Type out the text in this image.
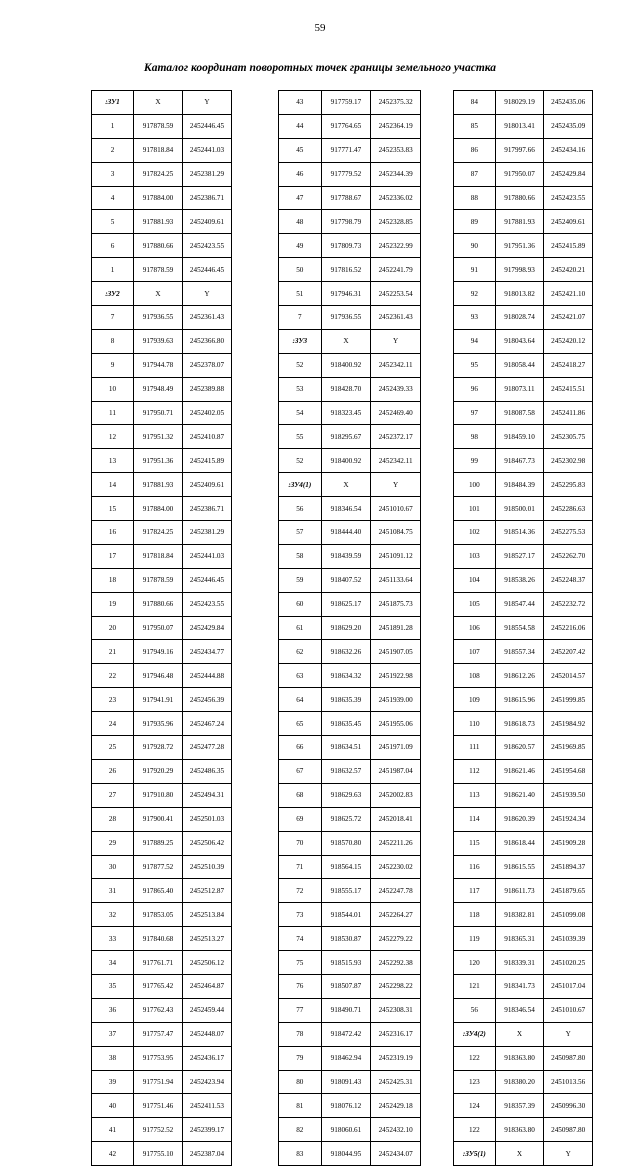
59
Каталог координат поворотных точек границы земельного участка
:ЗУ1	X	Y
1	917878.59	2452446.45
2	917818.84	2452441.03
3	917824.25	2452381.29
4	917884.00	2452386.71
5	917881.93	2452409.61
6	917880.66	2452423.55
1	917878.59	2452446.45
:ЗУ2	X	Y
7	917936.55	2452361.43
8	917939.63	2452366.80
9	917944.78	2452378.07
10	917948.49	2452389.88
11	917950.71	2452402.05
12	917951.32	2452410.87
13	917951.36	2452415.89
14	917881.93	2452409.61
15	917884.00	2452386.71
16	917824.25	2452381.29
17	917818.84	2452441.03
18	917878.59	2452446.45
19	917880.66	2452423.55
20	917950.07	2452429.84
21	917949.16	2452434.77
22	917946.48	2452444.88
23	917941.91	2452456.39
24	917935.96	2452467.24
25	917928.72	2452477.28
26	917920.29	2452486.35
27	917910.80	2452494.31
28	917900.41	2452501.03
29	917889.25	2452506.42
30	917877.52	2452510.39
31	917865.40	2452512.87
32	917853.05	2452513.84
33	917840.68	2452513.27
34	917761.71	2452506.12
35	917765.42	2452464.87
36	917762.43	2452459.44
37	917757.47	2452448.07
38	917753.95	2452436.17
39	917751.94	2452423.94
40	917751.46	2452411.53
41	917752.52	2452399.17
42	917755.10	2452387.04
43	917759.17	2452375.32
44	917764.65	2452364.19
45	917771.47	2452353.83
46	917779.52	2452344.39
47	917788.67	2452336.02
48	917798.79	2452328.85
49	917809.73	2452322.99
50	917816.52	2452241.79
51	917946.31	2452253.54
7	917936.55	2452361.43
:ЗУ3	X	Y
52	918400.92	2452342.11
53	918428.70	2452439.33
54	918323.45	2452469.40
55	918295.67	2452372.17
52	918400.92	2452342.11
:ЗУ4(1)	X	Y
56	918346.54	2451010.67
57	918444.40	2451084.75
58	918439.59	2451091.12
59	918407.52	2451133.64
60	918625.17	2451875.73
61	918629.20	2451891.28
62	918632.26	2451907.05
63	918634.32	2451922.98
64	918635.39	2451939.00
65	918635.45	2451955.06
66	918634.51	2451971.09
67	918632.57	2451987.04
68	918629.63	2452002.83
69	918625.72	2452018.41
70	918570.80	2452211.26
71	918564.15	2452230.02
72	918555.17	2452247.78
73	918544.01	2452264.27
74	918530.87	2452279.22
75	918515.93	2452292.38
76	918507.87	2452298.22
77	918490.71	2452308.31
78	918472.42	2452316.17
79	918462.94	2452319.19
80	918091.43	2452425.31
81	918076.12	2452429.18
82	918060.61	2452432.10
83	918044.95	2452434.07
84	918029.19	2452435.06
85	918013.41	2452435.09
86	917997.66	2452434.16
87	917950.07	2452429.84
88	917880.66	2452423.55
89	917881.93	2452409.61
90	917951.36	2452415.89
91	917998.93	2452420.21
92	918013.82	2452421.10
93	918028.74	2452421.07
94	918043.64	2452420.12
95	918058.44	2452418.27
96	918073.11	2452415.51
97	918087.58	2452411.86
98	918459.10	2452305.75
99	918467.73	2452302.98
100	918484.39	2452295.83
101	918500.01	2452286.63
102	918514.36	2452275.53
103	918527.17	2452262.70
104	918538.26	2452248.37
105	918547.44	2452232.72
106	918554.58	2452216.06
107	918557.34	2452207.42
108	918612.26	2452014.57
109	918615.96	2451999.85
110	918618.73	2451984.92
111	918620.57	2451969.85
112	918621.46	2451954.68
113	918621.40	2451939.50
114	918620.39	2451924.34
115	918618.44	2451909.28
116	918615.55	2451894.37
117	918611.73	2451879.65
118	918382.81	2451099.08
119	918365.31	2451039.39
120	918339.31	2451020.25
121	918341.73	2451017.04
56	918346.54	2451010.67
:ЗУ4(2)	X	Y
122	918363.80	2450987.80
123	918380.20	2451013.56
124	918357.39	2450996.30
122	918363.80	2450987.80
:ЗУ5(1)	X	Y
